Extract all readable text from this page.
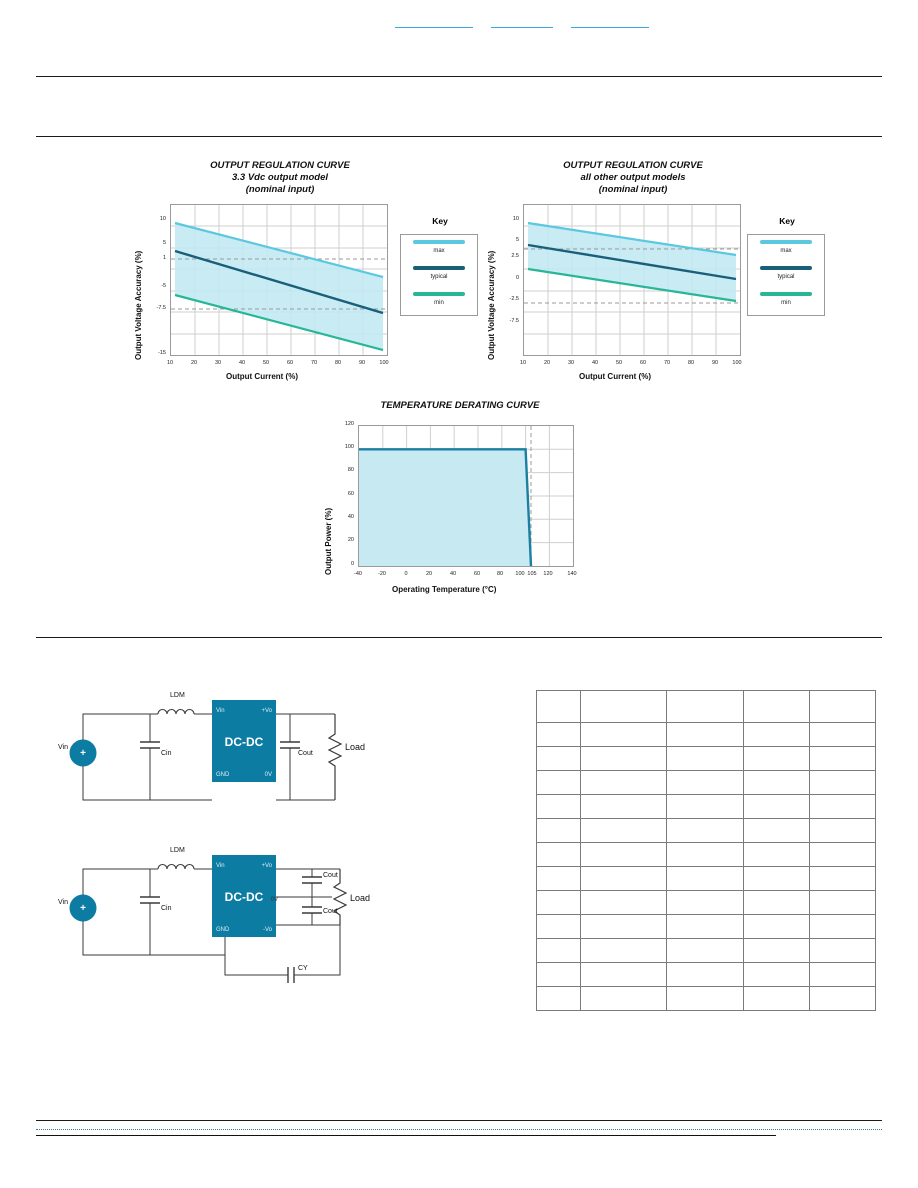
OUTPUT REGULATION CURVE
3.3 Vdc output model
(nominal input)
Output Voltage Accuracy (%)
10
5
1
-5
-7.5
-15
10	20	30	40	50	60	70	80	90	100
Output Current (%)
Key
max
typical
min
OUTPUT REGULATION CURVE
all other output models
(nominal input)
Output Voltage Accuracy (%)
10
5
2.5
0
-2.5
-7.5
10	20	30	40	50	60	70	80	90	100
Output Current (%)
Key
max
typical
min
TEMPERATURE DERATING CURVE
Output Power (%)
120
100
80
60
40
20
0
-40	-20	0	20	40	60	80	100 105	120	140
Operating Temperature (°C)
DC-DC
Vin	+Vo
GND	0V
+
Vin
LDM
Cin	Cout
Load
DC-DC
Vin	+Vo
GND	-Vo
0V
+
Vin
LDM
Cin
Cout
Cout
CY
Load
